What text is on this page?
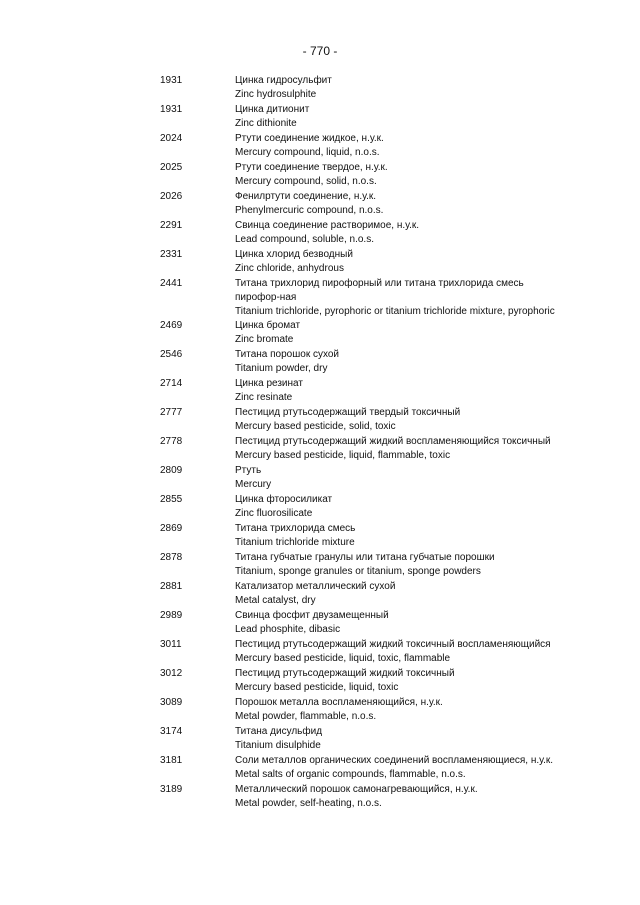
- 770 -
1931	Цинка гидросульфит
Zinc hydrosulphite
1931	Цинка дитионит
Zinc dithionite
2024	Ртути соединение жидкое, н.у.к.
Mercury compound, liquid, n.o.s.
2025	Ртути соединение твердое, н.у.к.
Mercury compound, solid, n.o.s.
2026	Фенилртути соединение, н.у.к.
Phenylmercuric compound, n.o.s.
2291	Свинца соединение растворимое, н.у.к.
Lead compound, soluble, n.o.s.
2331	Цинка хлорид безводный
Zinc chloride, anhydrous
2441	Титана трихлорид пирофорный или титана трихлорида смесь пирофор-ная
Titanium trichloride, pyrophoric or titanium trichloride mixture, pyrophoric
2469	Цинка бромат
Zinc bromate
2546	Титана порошок сухой
Titanium powder, dry
2714	Цинка резинат
Zinc resinate
2777	Пестицид ртутьсодержащий твердый токсичный
Mercury based pesticide, solid, toxic
2778	Пестицид ртутьсодержащий жидкий воспламеняющийся токсичный
Mercury based pesticide, liquid, flammable, toxic
2809	Ртуть
Mercury
2855	Цинка фторосиликат
Zinc fluorosilicate
2869	Титана трихлорида смесь
Titanium trichloride mixture
2878	Титана губчатые гранулы или титана губчатые порошки
Titanium, sponge granules or titanium, sponge powders
2881	Катализатор металлический сухой
Metal catalyst, dry
2989	Свинца фосфит двузамещенный
Lead phosphite, dibasic
3011	Пестицид ртутьсодержащий жидкий токсичный воспламеняющийся
Mercury based pesticide, liquid, toxic, flammable
3012	Пестицид ртутьсодержащий жидкий токсичный
Mercury based pesticide, liquid, toxic
3089	Порошок металла воспламеняющийся, н.у.к.
Metal powder, flammable, n.o.s.
3174	Титана дисульфид
Titanium disulphide
3181	Соли металлов органических соединений воспламеняющиеся, н.у.к.
Metal salts of organic compounds, flammable, n.o.s.
3189	Металлический порошок самонагревающийся, н.у.к.
Metal powder, self-heating, n.o.s.
